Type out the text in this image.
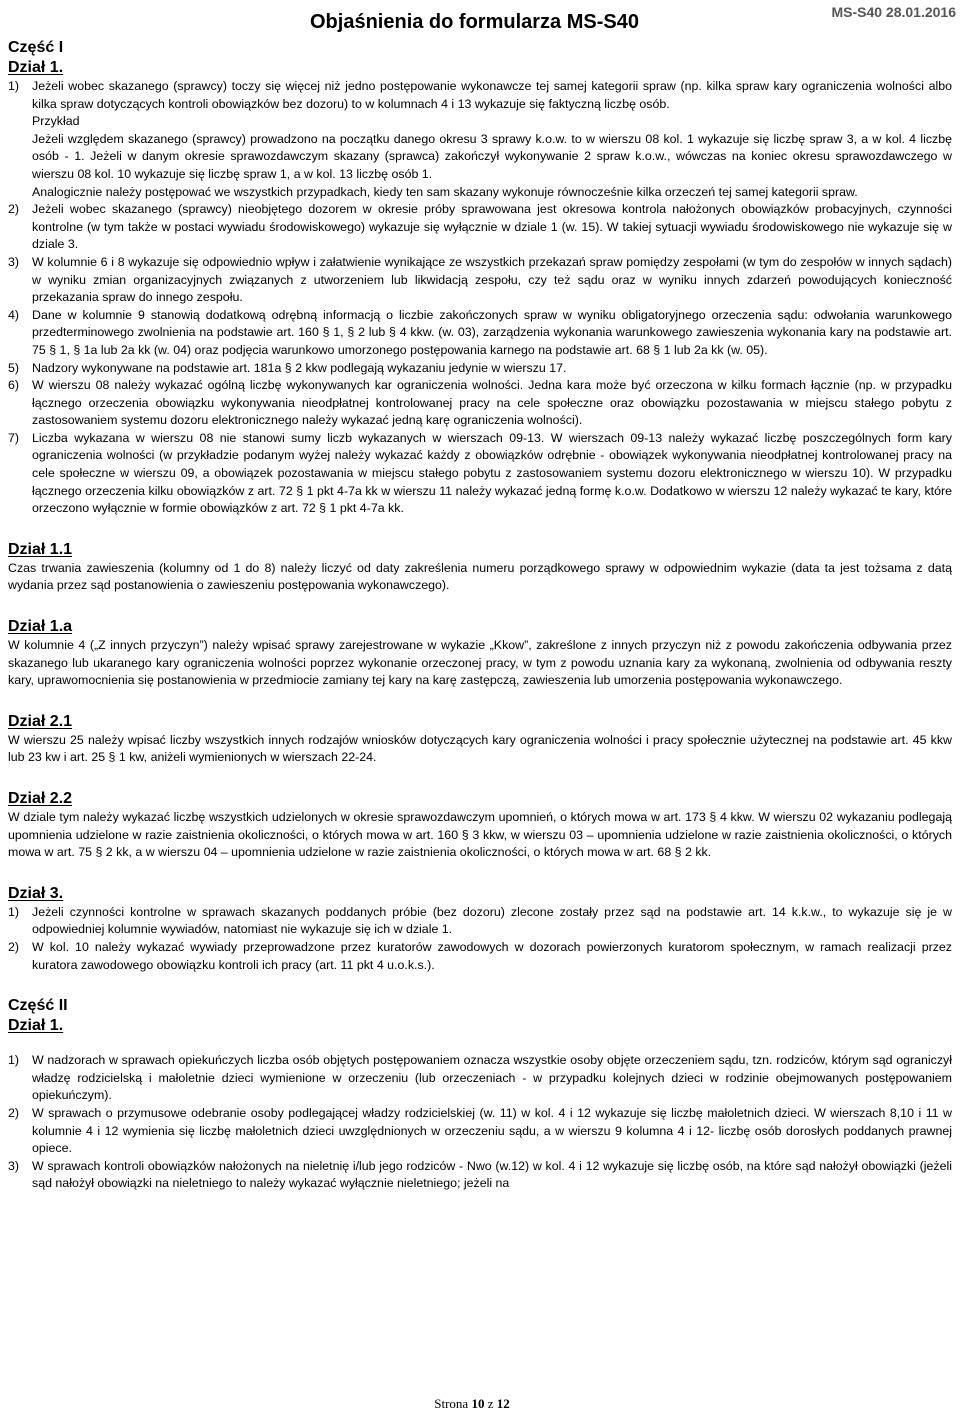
Objaśnienia do formularza MS-S40	MS-S40 28.01.2016
Część I
Dział 1.
1) Jeżeli wobec skazanego (sprawcy) toczy się więcej niż jedno postępowanie wykonawcze tej samej kategorii spraw (np. kilka spraw kary ograniczenia wolności albo kilka spraw dotyczących kontroli obowiązków bez dozoru) to w kolumnach 4 i 13 wykazuje się faktyczną liczbę osób.
Przykład
Jeżeli względem skazanego (sprawcy) prowadzono na początku danego okresu 3 sprawy k.o.w. to w wierszu 08 kol. 1 wykazuje się liczbę spraw 3, a w kol. 4 liczbę osób - 1. Jeżeli w danym okresie sprawozdawczym skazany (sprawca) zakończył wykonywanie 2 spraw k.o.w., wówczas na koniec okresu sprawozdawczego w wierszu 08 kol. 10 wykazuje się liczbę spraw 1, a w kol. 13 liczbę osób 1.
Analogicznie należy postępować we wszystkich przypadkach, kiedy ten sam skazany wykonuje równocześnie kilka orzeczeń tej samej kategorii spraw.
2) Jeżeli wobec skazanego (sprawcy) nieobjętego dozorem w okresie próby sprawowana jest okresowa kontrola nałożonych obowiązków probacyjnych, czynności kontrolne (w tym także w postaci wywiadu środowiskowego) wykazuje się wyłącznie w dziale 1 (w. 15). W takiej sytuacji wywiadu środowiskowego nie wykazuje się w dziale 3.
3) W kolumnie 6 i 8 wykazuje się odpowiednio wpływ i załatwienie wynikające ze wszystkich przekazań spraw pomiędzy zespołami (w tym do zespołów w innych sądach) w wyniku zmian organizacyjnych związanych z utworzeniem lub likwidacją zespołu, czy też sądu oraz w wyniku innych zdarzeń powodujących konieczność przekazania spraw do innego zespołu.
4) Dane w kolumnie 9 stanowią dodatkową odrębną informacją o liczbie zakończonych spraw w wyniku obligatoryjnego orzeczenia sądu: odwołania warunkowego przedterminowego zwolnienia na podstawie art. 160 § 1, § 2 lub § 4 kkw. (w. 03), zarządzenia wykonania warunkowego zawieszenia wykonania kary na podstawie art. 75 § 1, § 1a lub 2a kk (w. 04) oraz podjęcia warunkowo umorzonego postępowania karnego na podstawie art. 68 § 1 lub 2a kk (w. 05).
5) Nadzory wykonywane na podstawie art. 181a § 2 kkw podlegają wykazaniu jedynie w wierszu 17.
6) W wierszu 08 należy wykazać ogólną liczbę wykonywanych kar ograniczenia wolności. Jedna kara może być orzeczona w kilku formach łącznie (np. w przypadku łącznego orzeczenia obowiązku wykonywania nieodpłatnej kontrolowanej pracy na cele społeczne oraz obowiązku pozostawania w miejscu stałego pobytu z zastosowaniem systemu dozoru elektronicznego należy wykazać jedną karę ograniczenia wolności).
7) Liczba wykazana w wierszu 08 nie stanowi sumy liczb wykazanych w wierszach 09-13. W wierszach 09-13 należy wykazać liczbę poszczególnych form kary ograniczenia wolności (w przykładzie podanym wyżej należy wykazać każdy z obowiązków odrębnie - obowiązek wykonywania nieodpłatnej kontrolowanej pracy na cele społeczne w wierszu 09, a obowiązek pozostawania w miejscu stałego pobytu z zastosowaniem systemu dozoru elektronicznego w wierszu 10). W przypadku łącznego orzeczenia kilku obowiązków z art. 72 § 1 pkt 4-7a kk w wierszu 11 należy wykazać jedną formę k.o.w. Dodatkowo w wierszu 12 należy wykazać te kary, które orzeczono wyłącznie w formie obowiązków z art. 72 § 1 pkt 4-7a kk.
Dział 1.1

Czas trwania zawieszenia (kolumny od 1 do 8) należy liczyć od daty zakreślenia numeru porządkowego sprawy w odpowiednim wykazie (data ta jest tożsama z datą wydania przez sąd postanowienia o zawieszeniu postępowania wykonawczego).

Dział 1.a

W kolumnie 4 („Z innych przyczyn”) należy wpisać sprawy zarejestrowane w wykazie „Kkow”, zakreślone z innych przyczyn niż z powodu zakończenia odbywania przez skazanego lub ukaranego kary ograniczenia wolności poprzez wykonanie orzeczonej pracy, w tym z powodu uznania kary za wykonaną, zwolnienia od odbywania reszty kary, uprawomocnienia się postanowienia w przedmiocie zamiany tej kary na karę zastępczą, zawieszenia lub umorzenia postępowania wykonawczego.

Dział 2.1

W wierszu 25 należy wpisać liczby wszystkich innych rodzajów wniosków dotyczących kary ograniczenia wolności i pracy społecznie użytecznej na podstawie art. 45 kkw lub 23 kw i art. 25 § 1 kw, aniżeli wymienionych w wierszach 22-24.

Dział 2.2

W dziale tym należy wykazać liczbę wszystkich udzielonych w okresie sprawozdawczym upomnień, o których mowa w art. 173 § 4 kkw. W wierszu 02 wykazaniu podlegają upomnienia udzielone w razie zaistnienia okoliczności, o których mowa w art. 160 § 3 kkw, w wierszu 03 – upomnienia udzielone w razie zaistnienia okoliczności, o których mowa w art. 75 § 2 kk, a w wierszu 04 – upomnienia udzielone w razie zaistnienia okoliczności, o których mowa w art. 68 § 2 kk.

Dział 3.
1) Jeżeli czynności kontrolne w sprawach skazanych poddanych próbie (bez dozoru) zlecone zostały przez sąd na podstawie art. 14 k.k.w., to wykazuje się je w odpowiedniej kolumnie wywiadów, natomiast nie wykazuje się ich w dziale 1.
2) W kol. 10 należy wykazać wywiady przeprowadzone przez kuratorów zawodowych w dozorach powierzonych kuratorom społecznym, w ramach realizacji przez kuratora zawodowego obowiązku kontroli ich pracy (art. 11 pkt 4 u.o.k.s.).
Część II
Dział 1.
1) W nadzorach w sprawach opiekuńczych liczba osób objętych postępowaniem oznacza wszystkie osoby objęte orzeczeniem sądu, tzn. rodziców, którym sąd ograniczył władzę rodzicielską i małoletnie dzieci wymienione w orzeczeniu (lub orzeczeniach - w przypadku kolejnych dzieci w rodzinie obejmowanych postępowaniem opiekuńczym).
2) W sprawach o przymusowe odebranie osoby podlegającej władzy rodzicielskiej (w. 11) w kol. 4 i 12 wykazuje się liczbę małoletnich dzieci. W wierszach 8,10 i 11 w kolumnie 4 i 12 wymienia się liczbę małoletnich dzieci uwzględnionych w orzeczeniu sądu, a w wierszu 9 kolumna 4 i 12- liczbę osób dorosłych poddanych prawnej opiece.
3) W sprawach kontroli obowiązków nałożonych na nieletnię i/lub jego rodziców - Nwo (w.12) w kol. 4 i 12 wykazuje się liczbę osób, na które sąd nałożył obowiązki (jeżeli sąd nałożył obowiązki na nieletniego to należy wykazać wyłącznie nieletniego; jeżeli na
Strona 10 z 12
